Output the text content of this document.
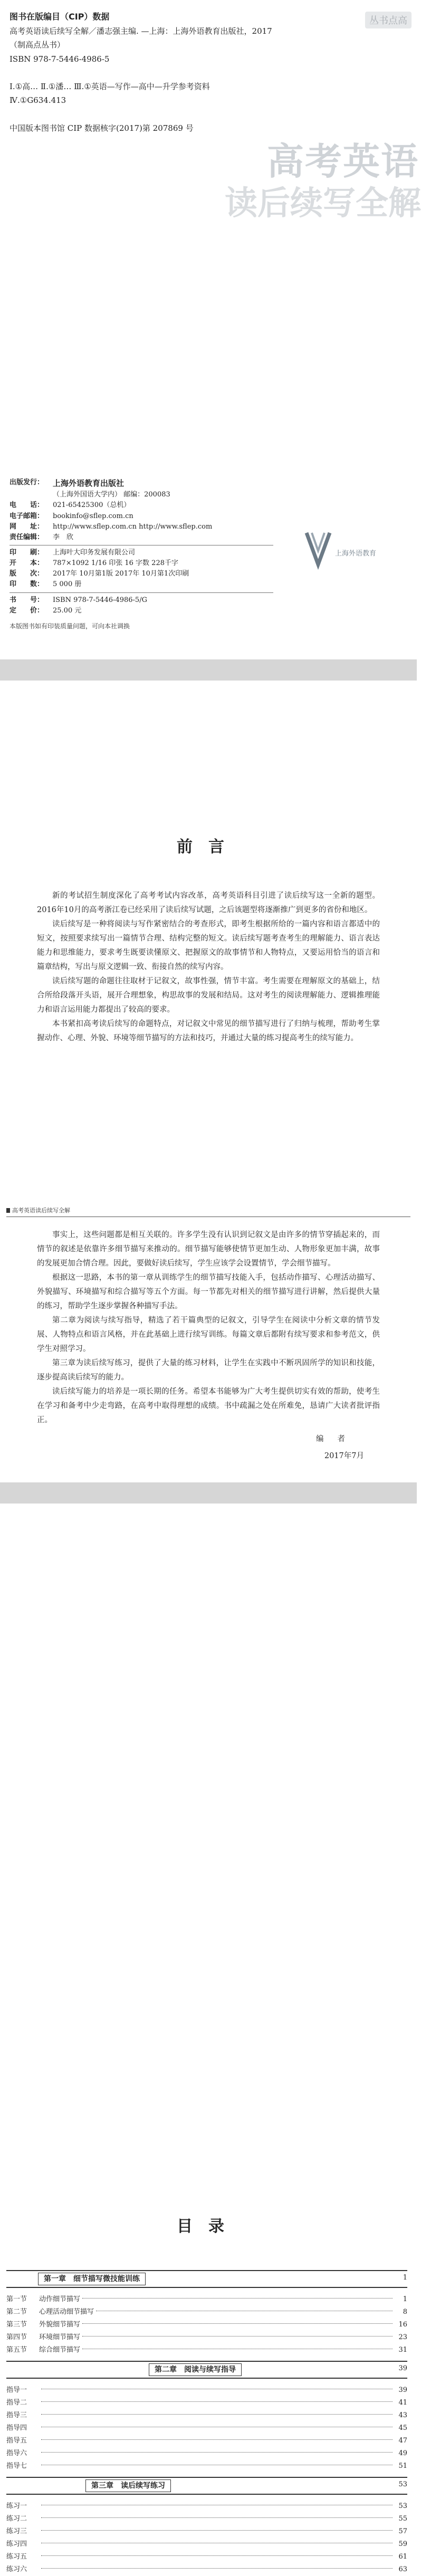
图书在版编目（CIP）数据
高考英语读后续写全解／潘志强主编. —上海：上海外语教育出版社，2017
（制高点丛书）
ISBN 978-7-5446-4986-5

Ⅰ.①高… Ⅱ.①潘… Ⅲ.①英语—写作—高中—升学参考资料
Ⅳ.①G634.413

中国版本图书馆 CIP 数据核字(2017)第 207869 号
丛书点高
高考英语
读后续写全解
出版发行：	上海外语教育出版社
（上海外国语大学内） 邮编：200083
电　　话：	021-65425300（总机）
电子邮箱：	bookinfo@sflep.com.cn
网　　址：	http://www.sflep.com.cn http://www.sflep.com
责任编辑：	李　欣
印　　刷：	上海叶大印务发展有限公司
开　　本：	787×1092 1/16 印张 16 字数 228千字
版　　次：	2017年 10月第1版 2017年 10月第1次印刷
印　　数：	5 000 册
书　　号：	ISBN 978-7-5446-4986-5/G
定　　价：	25.00 元
本版图书如有印装质量问题，可向本社调换
上海外语教育
前言

新的考试招生制度深化了高考考试内容改革，高考英语科目引进了读后续写这一全新的题型。2016年10月的高考浙江卷已经采用了读后续写试题，之后该题型将逐渐推广到更多的省份和地区。

读后续写是一种将阅读与写作紧密结合的考查形式，即考生根据所给的一篇内容和语言都适中的短文，按照要求续写出一篇情节合理、结构完整的短文。读后续写题考查考生的理解能力、语言表达能力和思维能力，要求考生既要读懂原文、把握原文的故事情节和人物特点，又要运用恰当的语言和篇章结构，写出与原文逻辑一致、衔接自然的续写内容。

读后续写题的命题往往取材于记叙文，故事性强，情节丰富。考生需要在理解原文的基础上，结合所给段落开头语，展开合理想象，构思故事的发展和结局。这对考生的阅读理解能力、逻辑推理能力和语言运用能力都提出了较高的要求。

本书紧扣高考读后续写的命题特点，对记叙文中常见的细节描写进行了归纳与梳理，帮助考生掌握动作、心理、外貌、环境等细节描写的方法和技巧，并通过大量的练习提高考生的续写能力。

高考英语读后续写全解

事实上，这些问题都是相互关联的。许多学生没有认识到记叙文是由许多的情节穿插起来的，而情节的叙述是依靠许多细节描写来推动的。细节描写能够使情节更加生动、人物形象更加丰满，故事的发展更加合情合理。因此，要做好读后续写，学生应该学会设置情节，学会细节描写。

根据这一思路，本书的第一章从训练学生的细节描写技能入手，包括动作描写、心理活动描写、外貌描写、环境描写和综合描写等五个方面。每一节都先对相关的细节描写进行讲解，然后提供大量的练习，帮助学生逐步掌握各种描写手法。

第二章为阅读与续写指导，精选了若干篇典型的记叙文，引导学生在阅读中分析文章的情节发展、人物特点和语言风格，并在此基础上进行续写训练。每篇文章后都附有续写要求和参考范文，供学生对照学习。

第三章为读后续写练习，提供了大量的练习材料，让学生在实践中不断巩固所学的知识和技能，逐步提高读后续写的能力。

读后续写能力的培养是一项长期的任务。希望本书能够为广大考生提供切实有效的帮助，使考生在学习和备考中少走弯路，在高考中取得理想的成绩。书中疏漏之处在所难免，恳请广大读者批评指正。

编者
2017年7月
目录
第一章　细节描写微技能训练	1
第一节	动作细节描写	1
第二节	心理活动细节描写	8
第三节	外貌细节描写	16
第四节	环境细节描写	23
第五节	综合细节描写	31
第二章　阅读与续写指导	39
指导一	39
指导二	41
指导三	43
指导四	45
指导五	47
指导六	49
指导七	51
第三章　读后续写练习	53
练习一	53
练习二	55
练习三	57
练习四	59
练习五	61
练习六	63
